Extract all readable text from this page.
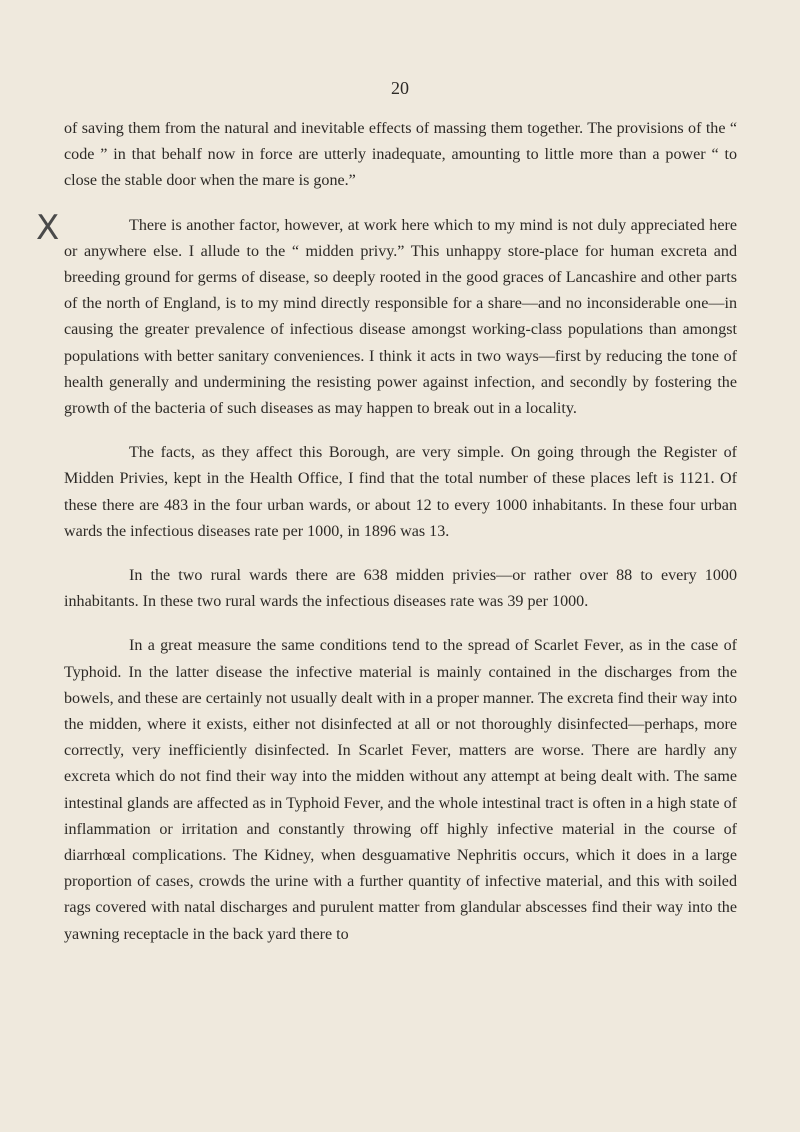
20
X

of saving them from the natural and inevitable effects of massing them together. The provisions of the “ code ” in that behalf now in force are utterly inadequate, amounting to little more than a power “ to close the stable door when the mare is gone.”

There is another factor, however, at work here which to my mind is not duly appreciated here or anywhere else. I allude to the “ midden privy.” This unhappy store-place for human excreta and breeding ground for germs of disease, so deeply rooted in the good graces of Lancashire and other parts of the north of England, is to my mind directly responsible for a share—and no inconsiderable one—in causing the greater prevalence of infectious disease amongst working-class populations than amongst populations with better sanitary conveniences. I think it acts in two ways—first by reducing the tone of health generally and undermining the resisting power against infection, and secondly by fostering the growth of the bacteria of such diseases as may happen to break out in a locality.

The facts, as they affect this Borough, are very simple. On going through the Register of Midden Privies, kept in the Health Office, I find that the total number of these places left is 1121. Of these there are 483 in the four urban wards, or about 12 to every 1000 inhabitants. In these four urban wards the infectious diseases rate per 1000, in 1896 was 13.

In the two rural wards there are 638 midden privies—or rather over 88 to every 1000 inhabitants. In these two rural wards the infectious diseases rate was 39 per 1000.

In a great measure the same conditions tend to the spread of Scarlet Fever, as in the case of Typhoid. In the latter disease the infective material is mainly contained in the discharges from the bowels, and these are certainly not usually dealt with in a proper manner. The excreta find their way into the midden, where it exists, either not disinfected at all or not thoroughly disinfected—perhaps, more correctly, very inefficiently disinfected. In Scarlet Fever, matters are worse. There are hardly any excreta which do not find their way into the midden without any attempt at being dealt with. The same intestinal glands are affected as in Typhoid Fever, and the whole intestinal tract is often in a high state of inflammation or irritation and constantly throwing off highly infective material in the course of diarrhœal complications. The Kidney, when desguamative Nephritis occurs, which it does in a large proportion of cases, crowds the urine with a further quantity of infective material, and this with soiled rags covered with natal discharges and purulent matter from glandular abscesses find their way into the yawning receptacle in the back yard there to
